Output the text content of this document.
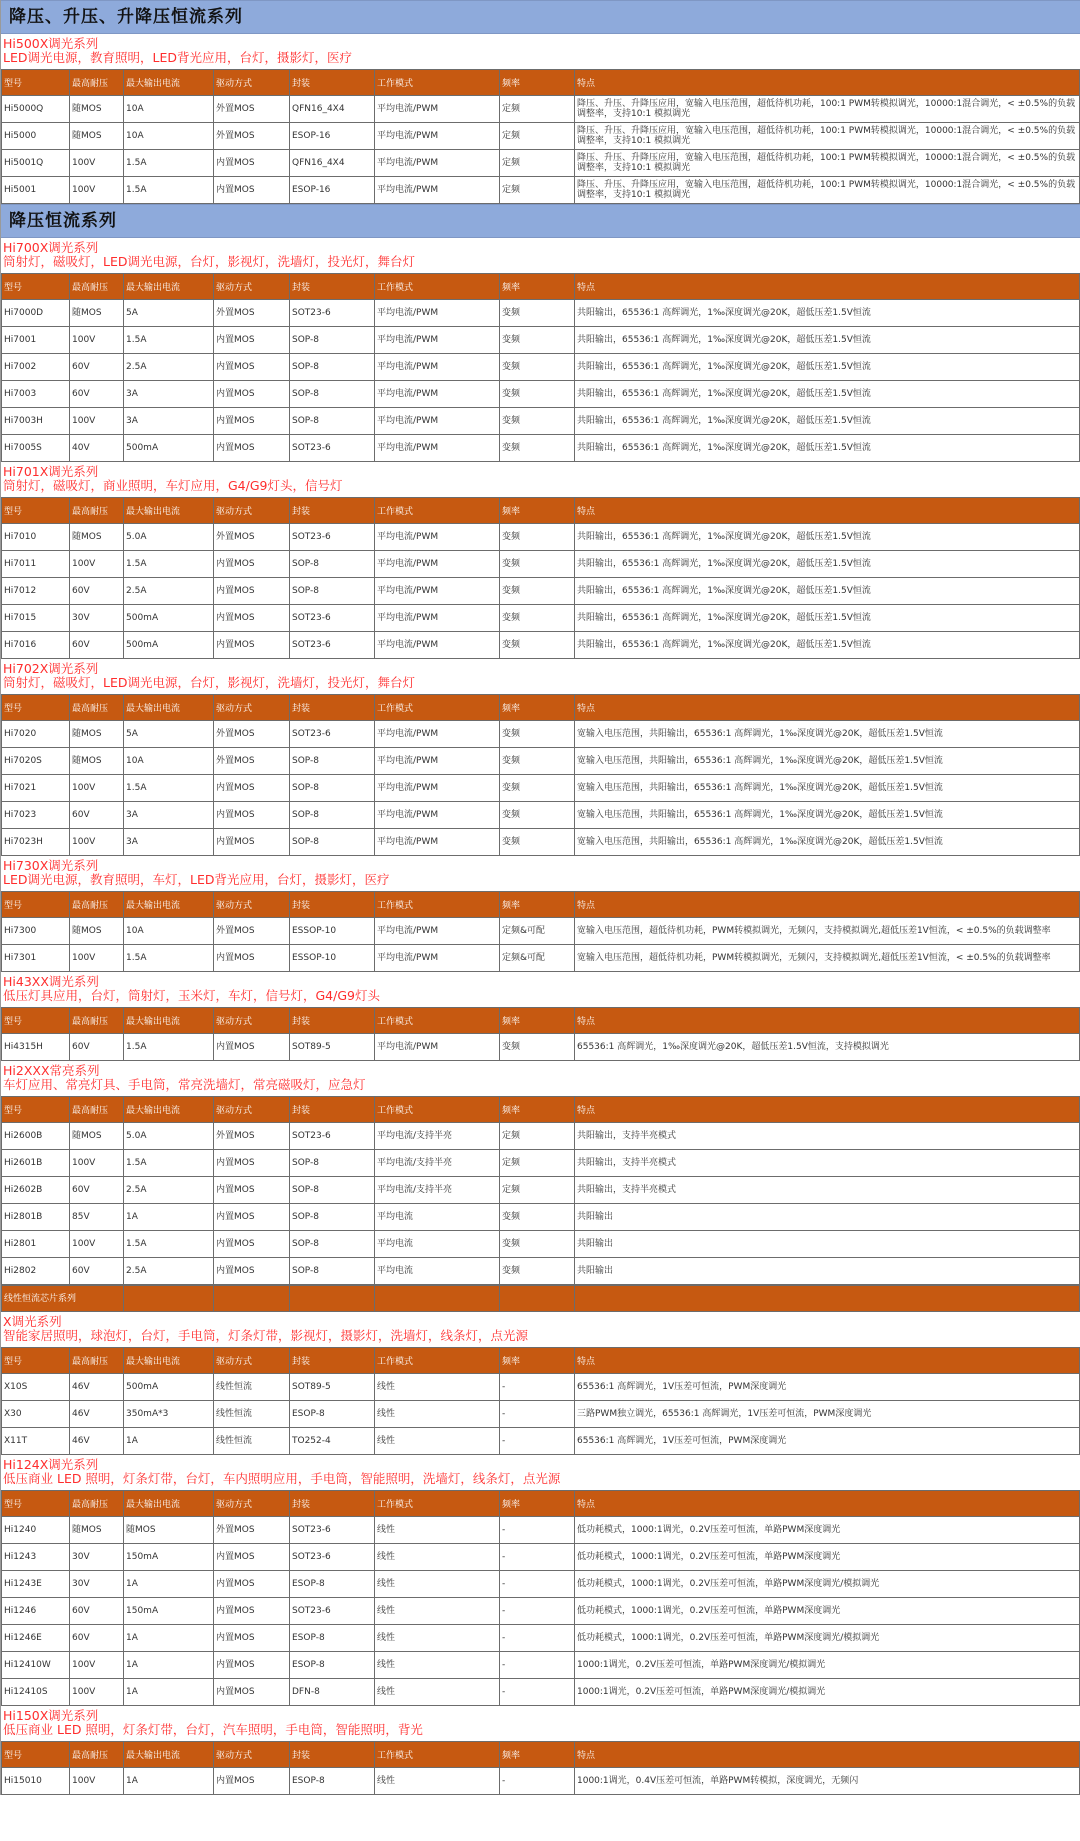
降压、升压、升降压恒流系列
Hi500X调光系列
LED调光电源，教育照明，LED背光应用，台灯，摄影灯，医疗
型号	最高耐压	最大输出电流	驱动方式	封装	工作模式	频率	特点
Hi5000Q	随MOS	10A	外置MOS	QFN16_4X4	平均电流/PWM	定频	降压、升压、升降压应用，宽输入电压范围，超低待机功耗，100:1 PWM转模拟调光，10000:1混合调光，< ±0.5%的负载调整率，支持10:1 模拟调光
Hi5000	随MOS	10A	外置MOS	ESOP-16	平均电流/PWM	定频	降压、升压、升降压应用，宽输入电压范围，超低待机功耗，100:1 PWM转模拟调光，10000:1混合调光，< ±0.5%的负载调整率，支持10:1 模拟调光
Hi5001Q	100V	1.5A	内置MOS	QFN16_4X4	平均电流/PWM	定频	降压、升压、升降压应用，宽输入电压范围，超低待机功耗，100:1 PWM转模拟调光，10000:1混合调光，< ±0.5%的负载调整率，支持10:1 模拟调光
Hi5001	100V	1.5A	内置MOS	ESOP-16	平均电流/PWM	定频	降压、升压、升降压应用，宽输入电压范围，超低待机功耗，100:1 PWM转模拟调光，10000:1混合调光，< ±0.5%的负载调整率，支持10:1 模拟调光
降压恒流系列
Hi700X调光系列
筒射灯，磁吸灯，LED调光电源，台灯，影视灯，洗墙灯，投光灯，舞台灯
型号	最高耐压	最大输出电流	驱动方式	封装	工作模式	频率	特点
Hi7000D	随MOS	5A	外置MOS	SOT23-6	平均电流/PWM	变频	共阳输出，65536:1 高辉调光，1‰深度调光@20K，超低压差1.5V恒流
Hi7001	100V	1.5A	内置MOS	SOP-8	平均电流/PWM	变频	共阳输出，65536:1 高辉调光，1‰深度调光@20K，超低压差1.5V恒流
Hi7002	60V	2.5A	内置MOS	SOP-8	平均电流/PWM	变频	共阳输出，65536:1 高辉调光，1‰深度调光@20K，超低压差1.5V恒流
Hi7003	60V	3A	内置MOS	SOP-8	平均电流/PWM	变频	共阳输出，65536:1 高辉调光，1‰深度调光@20K，超低压差1.5V恒流
Hi7003H	100V	3A	内置MOS	SOP-8	平均电流/PWM	变频	共阳输出，65536:1 高辉调光，1‰深度调光@20K，超低压差1.5V恒流
Hi7005S	40V	500mA	内置MOS	SOT23-6	平均电流/PWM	变频	共阳输出，65536:1 高辉调光，1‰深度调光@20K，超低压差1.5V恒流
Hi701X调光系列
筒射灯，磁吸灯，商业照明，车灯应用，G4/G9灯头，信号灯
型号	最高耐压	最大输出电流	驱动方式	封装	工作模式	频率	特点
Hi7010	随MOS	5.0A	外置MOS	SOT23-6	平均电流/PWM	变频	共阳输出，65536:1 高辉调光，1‰深度调光@20K，超低压差1.5V恒流
Hi7011	100V	1.5A	内置MOS	SOP-8	平均电流/PWM	变频	共阳输出，65536:1 高辉调光，1‰深度调光@20K，超低压差1.5V恒流
Hi7012	60V	2.5A	内置MOS	SOP-8	平均电流/PWM	变频	共阳输出，65536:1 高辉调光，1‰深度调光@20K，超低压差1.5V恒流
Hi7015	30V	500mA	内置MOS	SOT23-6	平均电流/PWM	变频	共阳输出，65536:1 高辉调光，1‰深度调光@20K，超低压差1.5V恒流
Hi7016	60V	500mA	内置MOS	SOT23-6	平均电流/PWM	变频	共阳输出，65536:1 高辉调光，1‰深度调光@20K，超低压差1.5V恒流
Hi702X调光系列
筒射灯，磁吸灯，LED调光电源，台灯，影视灯，洗墙灯，投光灯，舞台灯
型号	最高耐压	最大输出电流	驱动方式	封装	工作模式	频率	特点
Hi7020	随MOS	5A	外置MOS	SOT23-6	平均电流/PWM	变频	宽输入电压范围，共阳输出，65536:1 高辉调光，1‰深度调光@20K，超低压差1.5V恒流
Hi7020S	随MOS	10A	外置MOS	SOP-8	平均电流/PWM	变频	宽输入电压范围，共阳输出，65536:1 高辉调光，1‰深度调光@20K，超低压差1.5V恒流
Hi7021	100V	1.5A	内置MOS	SOP-8	平均电流/PWM	变频	宽输入电压范围，共阳输出，65536:1 高辉调光，1‰深度调光@20K，超低压差1.5V恒流
Hi7023	60V	3A	内置MOS	SOP-8	平均电流/PWM	变频	宽输入电压范围，共阳输出，65536:1 高辉调光，1‰深度调光@20K，超低压差1.5V恒流
Hi7023H	100V	3A	内置MOS	SOP-8	平均电流/PWM	变频	宽输入电压范围，共阳输出，65536:1 高辉调光，1‰深度调光@20K，超低压差1.5V恒流
Hi730X调光系列
LED调光电源，教育照明，车灯，LED背光应用，台灯，摄影灯，医疗
型号	最高耐压	最大输出电流	驱动方式	封装	工作模式	频率	特点
Hi7300	随MOS	10A	外置MOS	ESSOP-10	平均电流/PWM	定频&可配	宽输入电压范围，超低待机功耗，PWM转模拟调光，无频闪，支持模拟调光,超低压差1V恒流，< ±0.5%的负载调整率
Hi7301	100V	1.5A	内置MOS	ESSOP-10	平均电流/PWM	定频&可配	宽输入电压范围，超低待机功耗，PWM转模拟调光，无频闪，支持模拟调光,超低压差1V恒流，< ±0.5%的负载调整率
Hi43XX调光系列
低压灯具应用，台灯，筒射灯，玉米灯，车灯，信号灯，G4/G9灯头
型号	最高耐压	最大输出电流	驱动方式	封装	工作模式	频率	特点
Hi4315H	60V	1.5A	内置MOS	SOT89-5	平均电流/PWM	变频	65536:1 高辉调光，1‰深度调光@20K，超低压差1.5V恒流，支持模拟调光
Hi2XXX常亮系列
车灯应用、常亮灯具、手电筒，常亮洗墙灯，常亮磁吸灯，应急灯
型号	最高耐压	最大输出电流	驱动方式	封装	工作模式	频率	特点
Hi2600B	随MOS	5.0A	外置MOS	SOT23-6	平均电流/支持半亮	定频	共阳输出，支持半亮模式
Hi2601B	100V	1.5A	内置MOS	SOP-8	平均电流/支持半亮	定频	共阳输出，支持半亮模式
Hi2602B	60V	2.5A	内置MOS	SOP-8	平均电流/支持半亮	定频	共阳输出，支持半亮模式
Hi2801B	85V	1A	内置MOS	SOP-8	平均电流	变频	共阳输出
Hi2801	100V	1.5A	内置MOS	SOP-8	平均电流	变频	共阳输出
Hi2802	60V	2.5A	内置MOS	SOP-8	平均电流	变频	共阳输出
线性恒流芯片系列						
X调光系列
智能家居照明，球泡灯，台灯，手电筒，灯条灯带，影视灯，摄影灯，洗墙灯，线条灯，点光源
型号	最高耐压	最大输出电流	驱动方式	封装	工作模式	频率	特点
X10S	46V	500mA	线性恒流	SOT89-5	线性	-	65536:1 高辉调光，1V压差可恒流，PWM深度调光
X30	46V	350mA*3	线性恒流	ESOP-8	线性	-	三路PWM独立调光，65536:1 高辉调光，1V压差可恒流，PWM深度调光
X11T	46V	1A	线性恒流	TO252-4	线性	-	65536:1 高辉调光，1V压差可恒流，PWM深度调光
Hi124X调光系列
低压商业 LED 照明，灯条灯带，台灯，车内照明应用，手电筒，智能照明，洗墙灯，线条灯，点光源
型号	最高耐压	最大输出电流	驱动方式	封装	工作模式	频率	特点
Hi1240	随MOS	随MOS	外置MOS	SOT23-6	线性	-	低功耗模式，1000:1调光，0.2V压差可恒流，单路PWM深度调光
Hi1243	30V	150mA	内置MOS	SOT23-6	线性	-	低功耗模式，1000:1调光，0.2V压差可恒流，单路PWM深度调光
Hi1243E	30V	1A	内置MOS	ESOP-8	线性	-	低功耗模式，1000:1调光，0.2V压差可恒流，单路PWM深度调光/模拟调光
Hi1246	60V	150mA	内置MOS	SOT23-6	线性	-	低功耗模式，1000:1调光，0.2V压差可恒流，单路PWM深度调光
Hi1246E	60V	1A	内置MOS	ESOP-8	线性	-	低功耗模式，1000:1调光，0.2V压差可恒流，单路PWM深度调光/模拟调光
Hi12410W	100V	1A	内置MOS	ESOP-8	线性	-	1000:1调光，0.2V压差可恒流，单路PWM深度调光/模拟调光
Hi12410S	100V	1A	内置MOS	DFN-8	线性	-	1000:1调光，0.2V压差可恒流，单路PWM深度调光/模拟调光
Hi150X调光系列
低压商业 LED 照明，灯条灯带，台灯，汽车照明，手电筒，智能照明，背光
型号	最高耐压	最大输出电流	驱动方式	封装	工作模式	频率	特点
Hi15010	100V	1A	内置MOS	ESOP-8	线性	-	1000:1调光，0.4V压差可恒流，单路PWM转模拟，深度调光，无频闪
